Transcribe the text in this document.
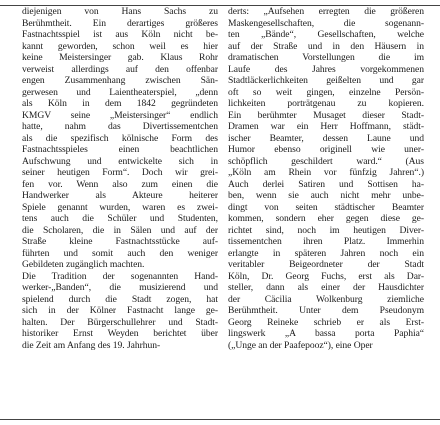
diejenigen von Hans Sachs zu
Berühmtheit. Ein derartiges größeres
Fastnachtsspiel ist aus Köln nicht be-
kannt geworden, schon weil es hier
keine Meistersinger gab. Klaus Rohr
verweist allerdings auf den offenbar
engen Zusammenhang zwischen Sän-
gerwesen und Laientheaterspiel, „denn
als Köln in dem 1842 gegründeten
KMGV seine „Meistersinger“ endlich
hatte, nahm das Divertissementchen
als die spezifisch kölnische Form des
Fastnachtsspieles einen beachtlichen
Aufschwung und entwickelte sich in
seiner heutigen Form“. Doch wir grei-
fen vor. Wenn also zum einen die
Handwerker als Akteure heiterer
Spiele genannt wurden, waren es zwei-
tens auch die Schüler und Studenten,
die Scholaren, die in Sälen und auf der
Straße kleine Fastnachtsstücke auf-
führten und somit auch den weniger
Gebildeten zugänglich machten.
Die Tradition der sogenannten Hand-
werker-„Banden“, die musizierend und
spielend durch die Stadt zogen, hat
sich in der Kölner Fastnacht lange ge-
halten. Der Bürgerschullehrer und Stadt-
historiker Ernst Weyden berichtet über
die Zeit am Anfang des 19. Jahrhun-
derts: „Aufsehen erregten die größeren
Maskengesellschaften, die sogenann-
ten „Bände“, Gesellschaften, welche
auf der Straße und in den Häusern in
dramatischen Vorstellungen die im
Laufe des Jahres vorgekommenen
Stadtläckerlichkeiten geißelten und gar
oft so weit gingen, einzelne Persön-
lichkeiten porträtgenau zu kopieren.
Ein berühmter Musaget dieser Stadt-
Dramen war ein Herr Hoffmann, städt-
ischer Beamter, dessen Laune und
Humor ebenso originell wie uner-
schöpflich geschildert ward.“ (Aus
„Köln am Rhein vor fünfzig Jahren“.)
Auch derlei Satiren und Sottisen ha-
ben, wenn sie auch nicht mehr unbe-
dingt von seiten städtischer Beamter
kommen, sondern eher gegen diese ge-
richtet sind, noch im heutigen Diver-
tissementchen ihren Platz. Immerhin
erlangte in späteren Jahren noch ein
veritabler Beigeordneter der Stadt
Köln, Dr. Georg Fuchs, erst als Dar-
steller, dann als einer der Hausdichter
der Cäcilia Wolkenburg ziemliche
Berühmtheit. Unter dem Pseudonym
Georg Reineke schrieb er als Erst-
lingswerk „A bassa porta Paphia“
(„Unge an der Paafepooz“), eine Oper
